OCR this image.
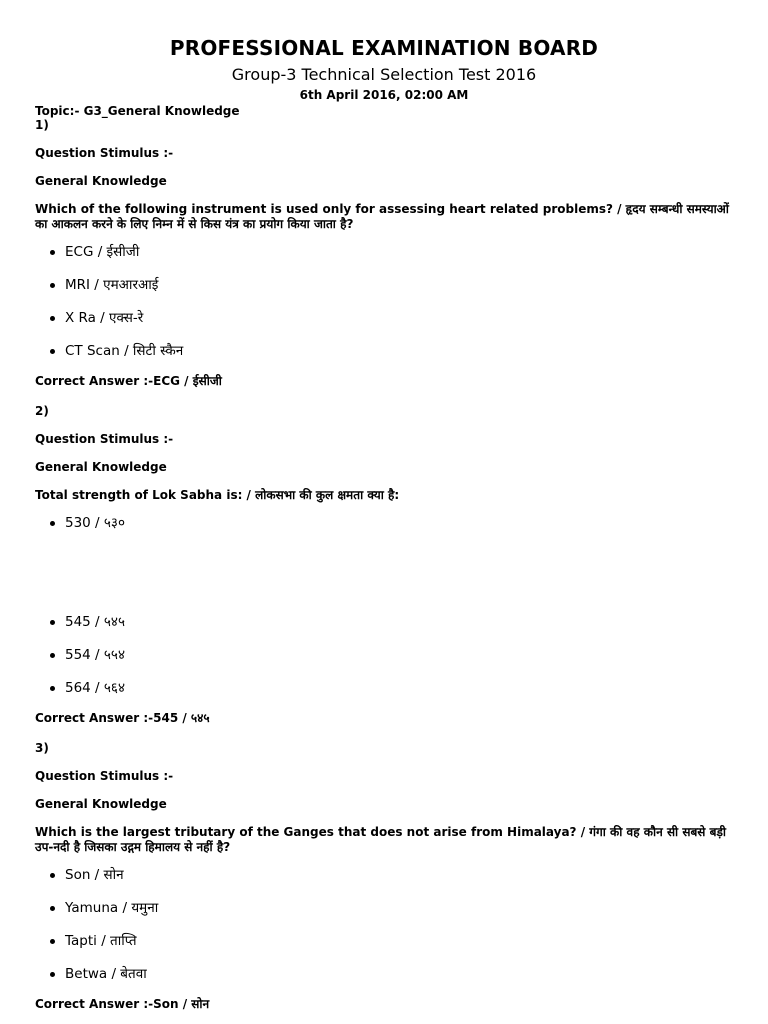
PROFESSIONAL EXAMINATION BOARD
Group-3 Technical Selection Test 2016
6th April 2016, 02:00 AM
Topic:- G3_General Knowledge
1)
Question Stimulus :-
General Knowledge
Which of the following instrument is used only for assessing heart related problems? / हृदय सम्बन्धी समस्याओं का आकलन करने के लिए निम्न में से किस यंत्र का प्रयोग किया जाता है?
ECG / ईसीजी
MRI / एमआरआई
X Ra / एक्स-रे
CT Scan / सिटी स्कैन
Correct Answer :-ECG / ईसीजी
2)
Question Stimulus :-
General Knowledge
Total strength of Lok Sabha is: / लोकसभा की कुल क्षमता क्या है:
530 / ५३०
545 / ५४५
554 / ५५४
564 / ५६४
Correct Answer :-545 / ५४५
3)
Question Stimulus :-
General Knowledge
Which is the largest tributary of the Ganges that does not arise from Himalaya? / गंगा की वह कौन सी सबसे बड़ी उप-नदी है जिसका उद्गम हिमालय से नहीं है?
Son / सोन
Yamuna / यमुना
Tapti / ताप्ति
Betwa / बेतवा
Correct Answer :-Son / सोन
